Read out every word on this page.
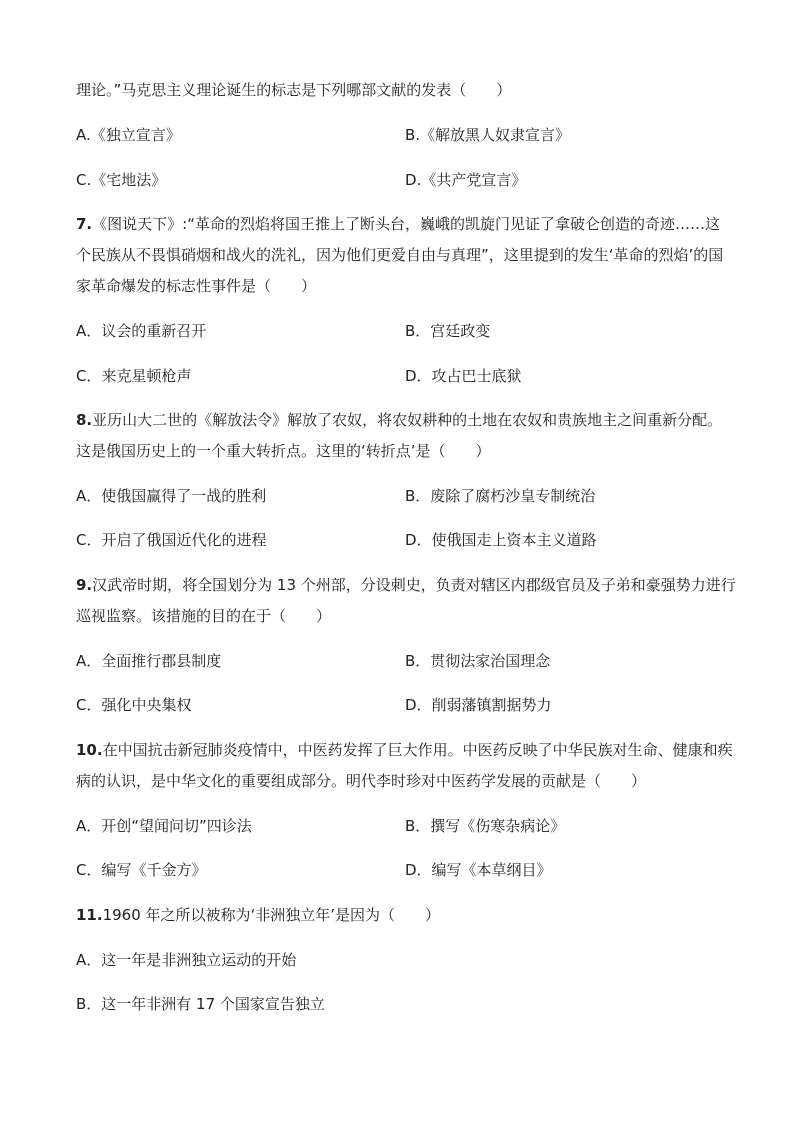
理论。”马克思主义理论诞生的标志是下列哪部文献的发表（　　）
A.《独立宣言》	B.《解放黑人奴隶宣言》
C.《宅地法》	D.《共产党宣言》
7.《图说天下》:“革命的烈焰将国王推上了断头台，巍峨的凯旋门见证了拿破仑创造的奇迹……这
个民族从不畏惧硝烟和战火的洗礼，因为他们更爱自由与真理”，这里提到的发生‘革命的烈焰’的国
家革命爆发的标志性事件是（　　）
A．议会的重新召开	B．宫廷政变
C．来克星顿枪声	D．攻占巴士底狱
8.亚历山大二世的《解放法令》解放了农奴，将农奴耕种的土地在农奴和贵族地主之间重新分配。
这是俄国历史上的一个重大转折点。这里的‘转折点’是（　　）
A．使俄国赢得了一战的胜利	B．废除了腐朽沙皇专制统治
C．开启了俄国近代化的进程	D．使俄国走上资本主义道路
9.汉武帝时期，将全国划分为 13 个州部，分设刺史，负责对辖区内郡级官员及子弟和豪强势力进行
巡视监察。该措施的目的在于（　　）
A．全面推行郡县制度	B．贯彻法家治国理念
C．强化中央集权	D．削弱藩镇割据势力
10.在中国抗击新冠肺炎疫情中，中医药发挥了巨大作用。中医药反映了中华民族对生命、健康和疾
病的认识，是中华文化的重要组成部分。明代李时珍对中医药学发展的贡献是（　　）
A．开创“望闻问切”四诊法	B．撰写《伤寒杂病论》
C．编写《千金方》	D．编写《本草纲目》
11.1960 年之所以被称为‘非洲独立年’是因为（　　）
A．这一年是非洲独立运动的开始
B．这一年非洲有 17 个国家宣告独立
